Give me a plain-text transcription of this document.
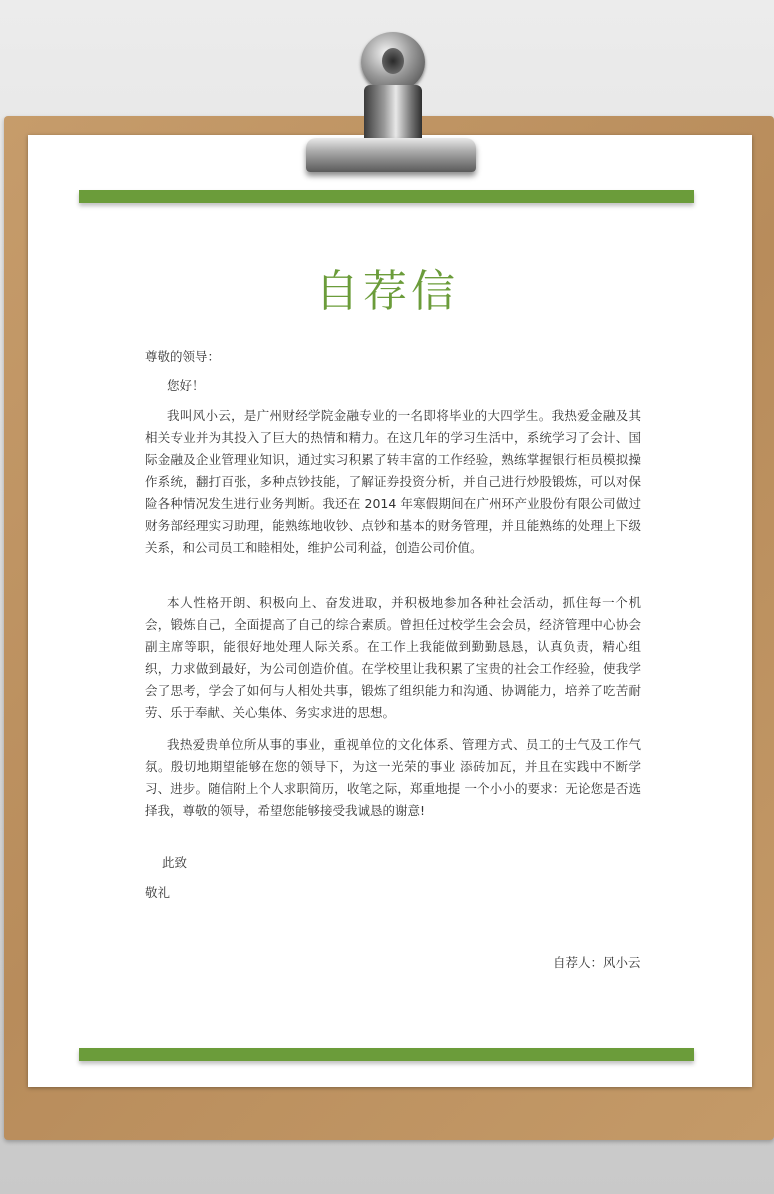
自荐信

尊敬的领导：

您好！

我叫风小云，是广州财经学院金融专业的一名即将毕业的大四学生。我热爱金融及其相关专业并为其投入了巨大的热情和精力。在这几年的学习生活中，系统学习了会计、国际金融及企业管理业知识，通过实习积累了转丰富的工作经验，熟练掌握银行柜员模拟操作系统，翻打百张，多种点钞技能，了解证券投资分析，并自己进行炒股锻炼，可以对保险各种情况发生进行业务判断。我还在 2014 年寒假期间在广州环产业股份有限公司做过财务部经理实习助理，能熟练地收钞、点钞和基本的财务管理，并且能熟练的处理上下级关系，和公司员工和睦相处，维护公司利益，创造公司价值。

本人性格开朗、积极向上、奋发进取，并积极地参加各种社会活动，抓住每一个机会，锻炼自己，全面提高了自己的综合素质。曾担任过校学生会会员，经济管理中心协会副主席等职，能很好地处理人际关系。在工作上我能做到勤勤恳恳，认真负责，精心组织，力求做到最好，为公司创造价值。在学校里让我积累了宝贵的社会工作经验，使我学会了思考，学会了如何与人相处共事，锻炼了组织能力和沟通、协调能力，培养了吃苦耐劳、乐于奉献、关心集体、务实求进的思想。

我热爱贵单位所从事的事业，重视单位的文化体系、管理方式、员工的士气及工作气氛。殷切地期望能够在您的领导下，为这一光荣的事业 添砖加瓦，并且在实践中不断学习、进步。随信附上个人求职简历，收笔之际，郑重地提 一个小小的要求：无论您是否选择我，尊敬的领导，希望您能够接受我诚恳的谢意!

此致

敬礼

自荐人：风小云
